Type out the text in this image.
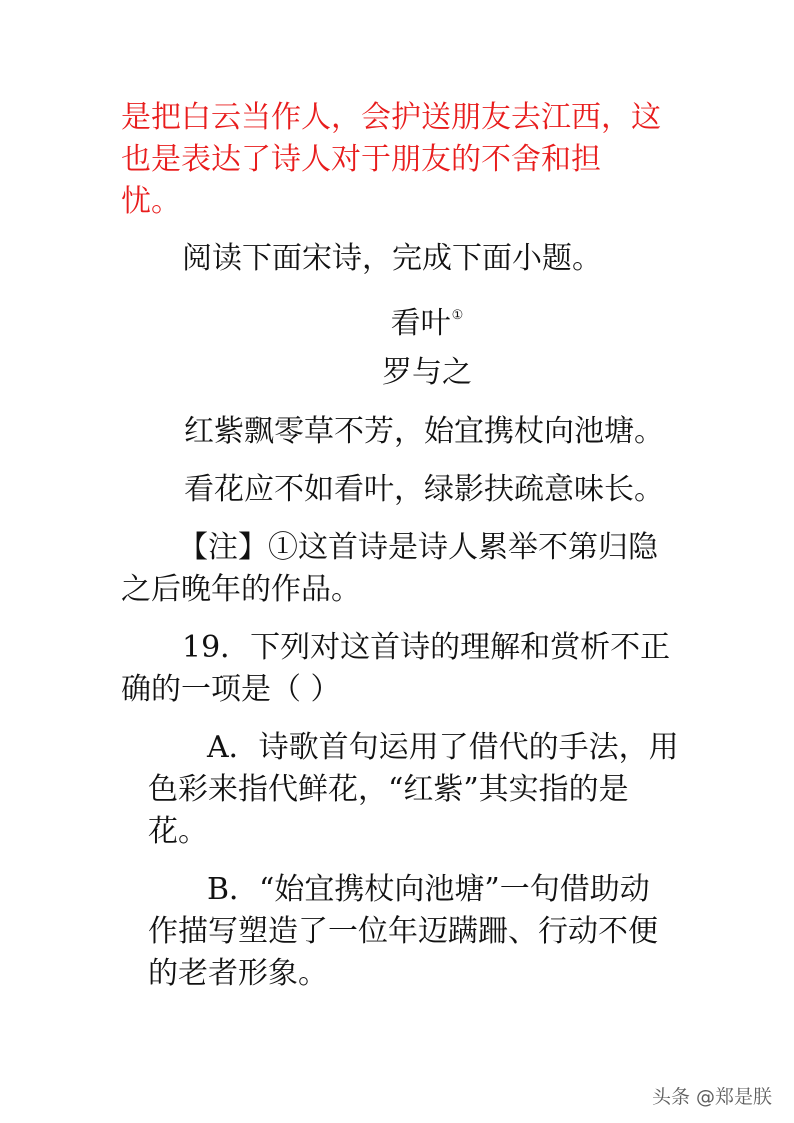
是把白云当作人，会护送朋友去江西，这
也是表达了诗人对于朋友的不舍和担
忧。
阅读下面宋诗，完成下面小题。
看叶①
罗与之
红紫飘零草不芳，始宜携杖向池塘。
看花应不如看叶，绿影扶疏意味长。
【注】①这首诗是诗人累举不第归隐
之后晚年的作品。
19．下列对这首诗的理解和赏析不正
确的一项是（ ）
A．诗歌首句运用了借代的手法，用
色彩来指代鲜花，“红紫”其实指的是
花。
B．“始宜携杖向池塘”一句借助动
作描写塑造了一位年迈蹒跚、行动不便
的老者形象。
头条 @郑是朕
